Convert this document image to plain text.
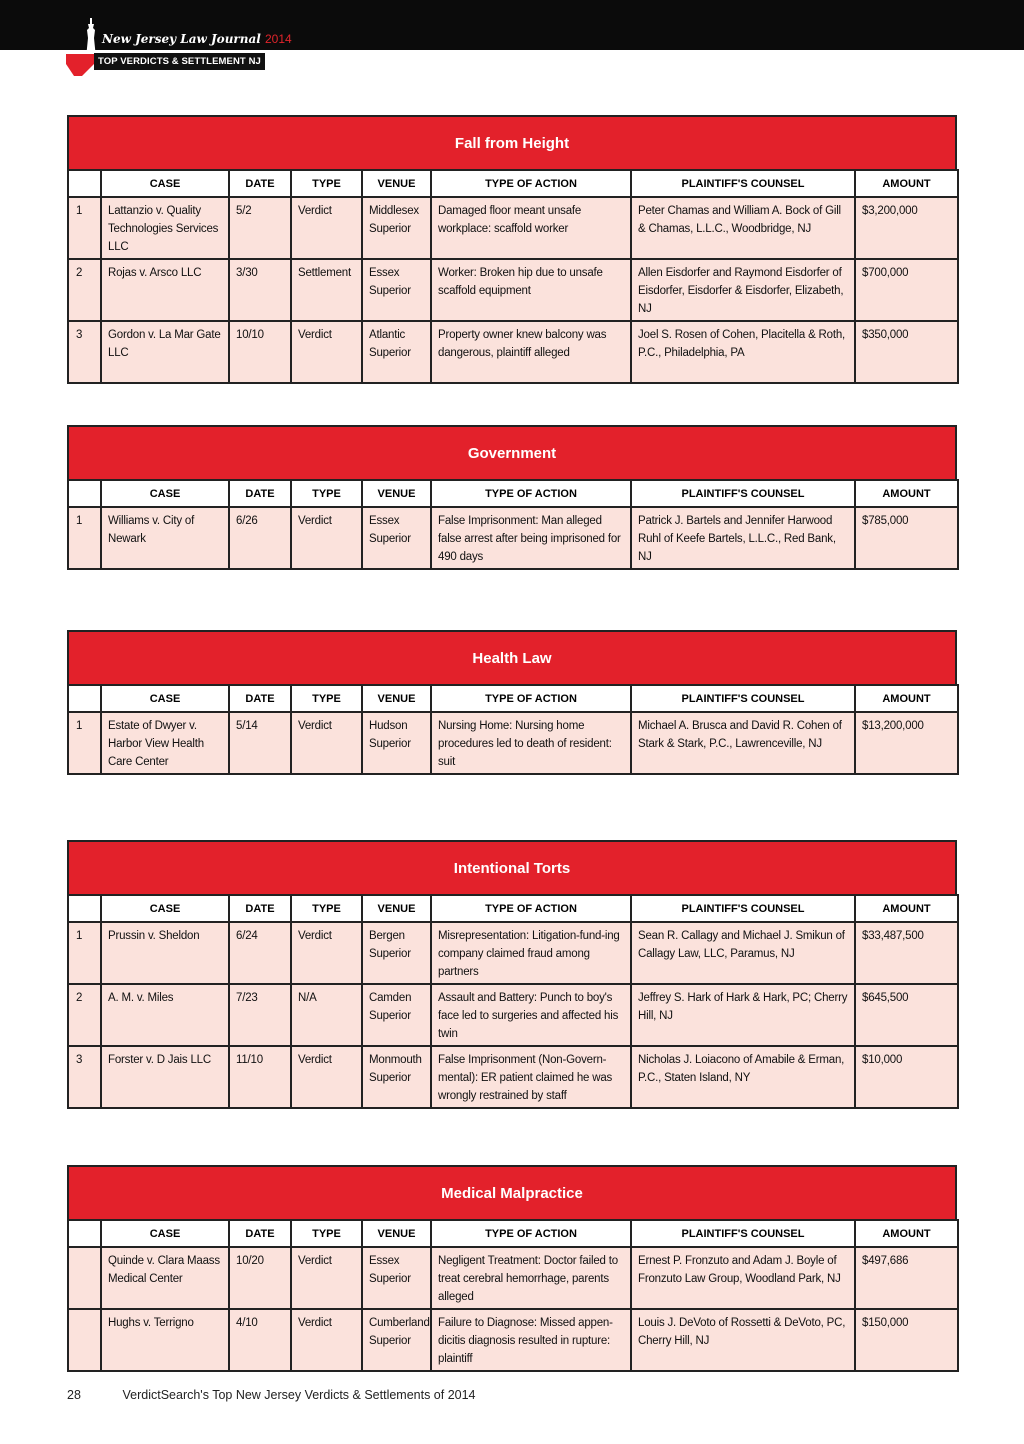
New Jersey Law Journal 2014
TOP VERDICTS & SETTLEMENT NJ
Fall from Height
	CASE	DATE	TYPE	VENUE	TYPE OF ACTION	PLAINTIFF'S COUNSEL	AMOUNT
1	Lattanzio v. Quality Technologies Services LLC	5/2	Verdict	Middlesex Superior	Damaged floor meant unsafe workplace: scaffold worker	Peter Chamas and William A. Bock of Gill & Chamas, L.L.C., Woodbridge, NJ	$3,200,000
2	Rojas v. Arsco LLC	3/30	Settlement	Essex Superior	Worker: Broken hip due to unsafe scaffold equipment	Allen Eisdorfer and Raymond Eisdorfer of Eisdorfer, Eisdorfer & Eisdorfer, Elizabeth, NJ	$700,000
3	Gordon v. La Mar Gate LLC	10/10	Verdict	Atlantic Superior	Property owner knew balcony was dangerous, plaintiff alleged	Joel S. Rosen of Cohen, Placitella & Roth, P.C., Philadelphia, PA	$350,000
Government
	CASE	DATE	TYPE	VENUE	TYPE OF ACTION	PLAINTIFF'S COUNSEL	AMOUNT
1	Williams v. City of Newark	6/26	Verdict	Essex Superior	False Imprisonment: Man alleged false arrest after being imprisoned for 490 days	Patrick J. Bartels and Jennifer Harwood Ruhl of Keefe Bartels, L.L.C., Red Bank, NJ	$785,000
Health Law
	CASE	DATE	TYPE	VENUE	TYPE OF ACTION	PLAINTIFF'S COUNSEL	AMOUNT
1	Estate of Dwyer v. Harbor View Health Care Center	5/14	Verdict	Hudson Superior	Nursing Home: Nursing home procedures led to death of resident: suit	Michael A. Brusca and David R. Cohen of Stark & Stark, P.C., Lawrenceville, NJ	$13,200,000
Intentional Torts
	CASE	DATE	TYPE	VENUE	TYPE OF ACTION	PLAINTIFF'S COUNSEL	AMOUNT
1	Prussin v. Sheldon	6/24	Verdict	Bergen Superior	Misrepresentation: Litigation-fund-ing company claimed fraud among partners	Sean R. Callagy and Michael J. Smikun of Callagy Law, LLC, Paramus, NJ	$33,487,500
2	A. M. v. Miles	7/23	N/A	Camden Superior	Assault and Battery: Punch to boy's face led to surgeries and affected his twin	Jeffrey S. Hark of Hark & Hark, PC; Cherry Hill, NJ	$645,500
3	Forster v. D Jais LLC	11/10	Verdict	Monmouth Superior	False Imprisonment (Non-Govern-mental): ER patient claimed he was wrongly restrained by staff	Nicholas J. Loiacono of Amabile & Erman, P.C., Staten Island, NY	$10,000
Medical Malpractice
	CASE	DATE	TYPE	VENUE	TYPE OF ACTION	PLAINTIFF'S COUNSEL	AMOUNT
	Quinde v. Clara Maass Medical Center	10/20	Verdict	Essex Superior	Negligent Treatment: Doctor failed to treat cerebral hemorrhage, parents alleged	Ernest P. Fronzuto and Adam J. Boyle of Fronzuto Law Group, Woodland Park, NJ	$497,686
	Hughs v. Terrigno	4/10	Verdict	Cumberland Superior	Failure to Diagnose: Missed appen-dicitis diagnosis resulted in rupture: plaintiff	Louis J. DeVoto of Rossetti & DeVoto, PC, Cherry Hill, NJ	$150,000
28	VerdictSearch's Top New Jersey Verdicts & Settlements of 2014
